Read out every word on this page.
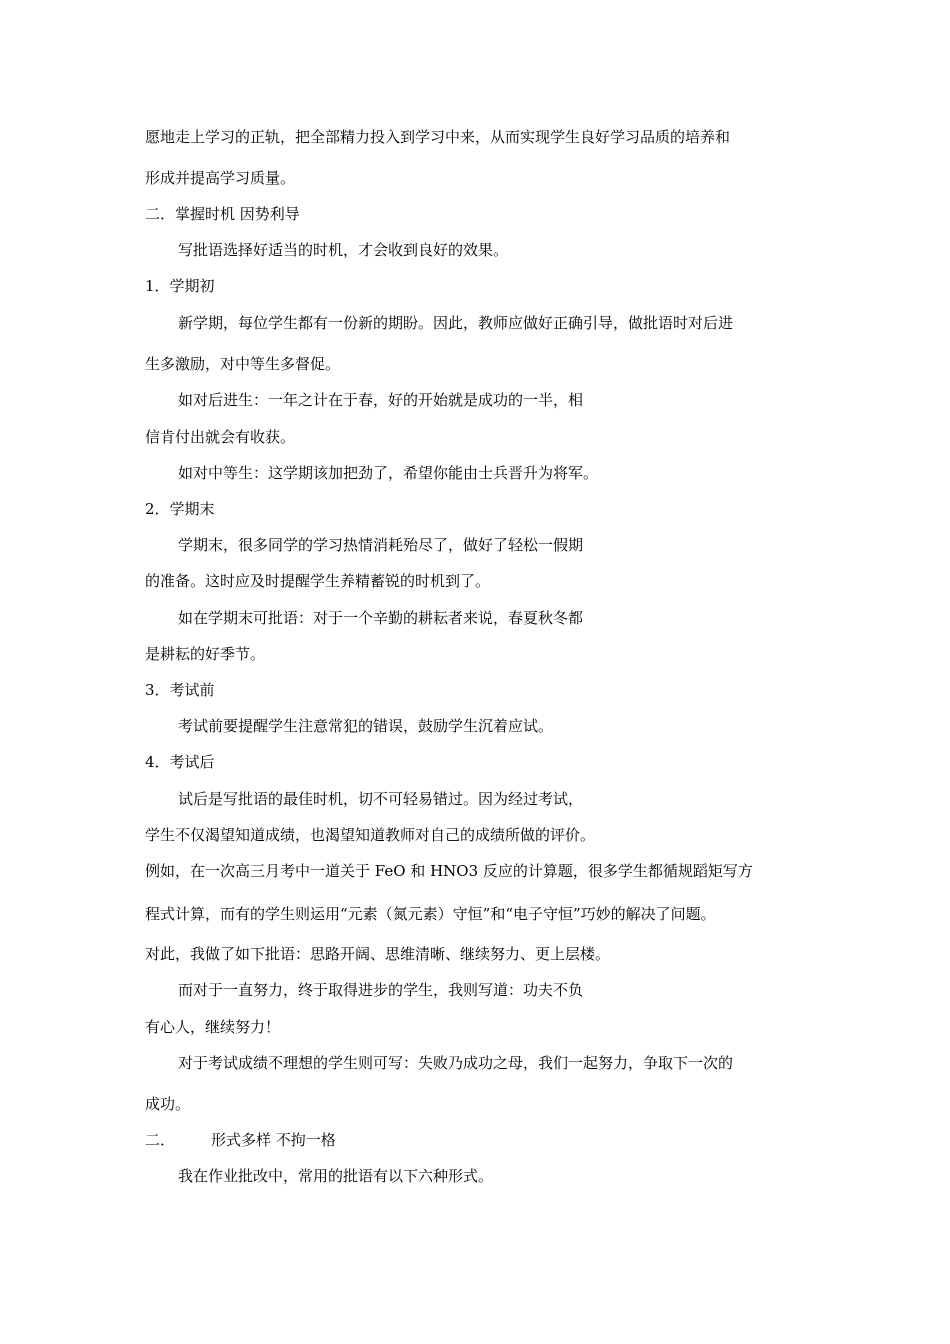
愿地走上学习的正轨，把全部精力投入到学习中来，从而实现学生良好学习品质的培养和
形成并提高学习质量。
二．掌握时机 因势利导
写批语选择好适当的时机，才会收到良好的效果。
1．学期初
新学期，每位学生都有一份新的期盼。因此，教师应做好正确引导，做批语时对后进
生多激励，对中等生多督促。
如对后进生：一年之计在于春，好的开始就是成功的一半，相
信肯付出就会有收获。
如对中等生：这学期该加把劲了，希望你能由士兵晋升为将军。
2．学期末
学期末，很多同学的学习热情消耗殆尽了，做好了轻松一假期
的准备。这时应及时提醒学生养精蓄锐的时机到了。
如在学期末可批语：对于一个辛勤的耕耘者来说，春夏秋冬都
是耕耘的好季节。
3．考试前
考试前要提醒学生注意常犯的错误，鼓励学生沉着应试。
4．考试后
试后是写批语的最佳时机，切不可轻易错过。因为经过考试，
学生不仅渴望知道成绩，也渴望知道教师对自己的成绩所做的评价。
例如，在一次高三月考中一道关于 FeO 和 HNO3 反应的计算题，很多学生都循规蹈矩写方
程式计算，而有的学生则运用“元素（氮元素）守恒”和“电子守恒”巧妙的解决了问题。
对此，我做了如下批语：思路开阔、思维清晰、继续努力、更上层楼。
而对于一直努力，终于取得进步的学生，我则写道：功夫不负
有心人，继续努力！
对于考试成绩不理想的学生则可写：失败乃成功之母，我们一起努力，争取下一次的
成功。
二． 形式多样 不拘一格
我在作业批改中，常用的批语有以下六种形式。
